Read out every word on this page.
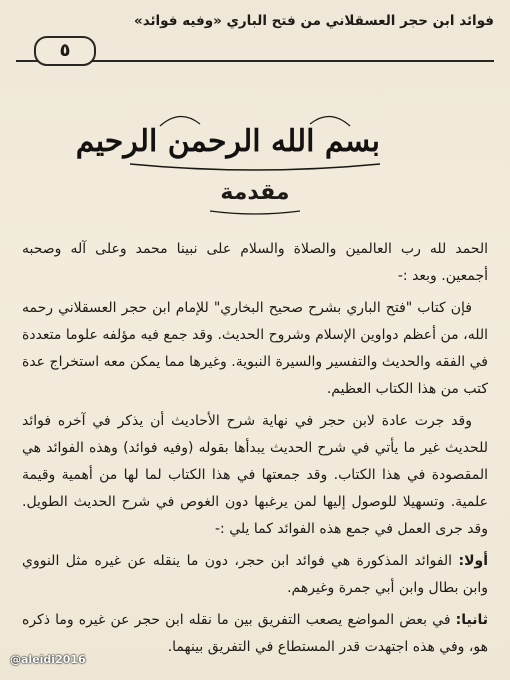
فوائد ابن حجر العسقلاني من فتح الباري «وفيه فوائد»
٥
بسم الله الرحمن الرحيم
مقدمة

الحمد لله رب العالمين والصلاة والسلام على نبينا محمد وعلى آله وصحبه أجمعين. وبعد :-

فإن كتاب "فتح الباري بشرح صحيح البخاري" للإمام ابن حجر العسقلاني رحمه الله، من أعظم دواوين الإسلام وشروح الحديث. وقد جمع فيه مؤلفه علوما متعددة في الفقه والحديث والتفسير والسيرة النبوية. وغيرها مما يمكن معه استخراج عدة كتب من هذا الكتاب العظيم.

وقد جرت عادة لابن حجر في نهاية شرح الأحاديث أن يذكر في آخره فوائد للحديث غير ما يأتي في شرح الحديث يبدأها بقوله (وفيه فوائد) وهذه الفوائد هي المقصودة في هذا الكتاب. وقد جمعتها في هذا الكتاب لما لها من أهمية وقيمة علمية. وتسهيلا للوصول إليها لمن يرغبها دون الغوص في شرح الحديث الطويل. وقد جرى العمل في جمع هذه الفوائد كما يلي :-

أولا: الفوائد المذكورة هي فوائد ابن حجر، دون ما ينقله عن غيره مثل النووي وابن بطال وابن أبي جمرة وغيرهم.

ثانيا: في بعض المواضع يصعب التفريق بين ما نقله ابن حجر عن غيره وما ذكره هو، وفي هذه اجتهدت قدر المستطاع في التفريق بينهما.

@aleidi2016
